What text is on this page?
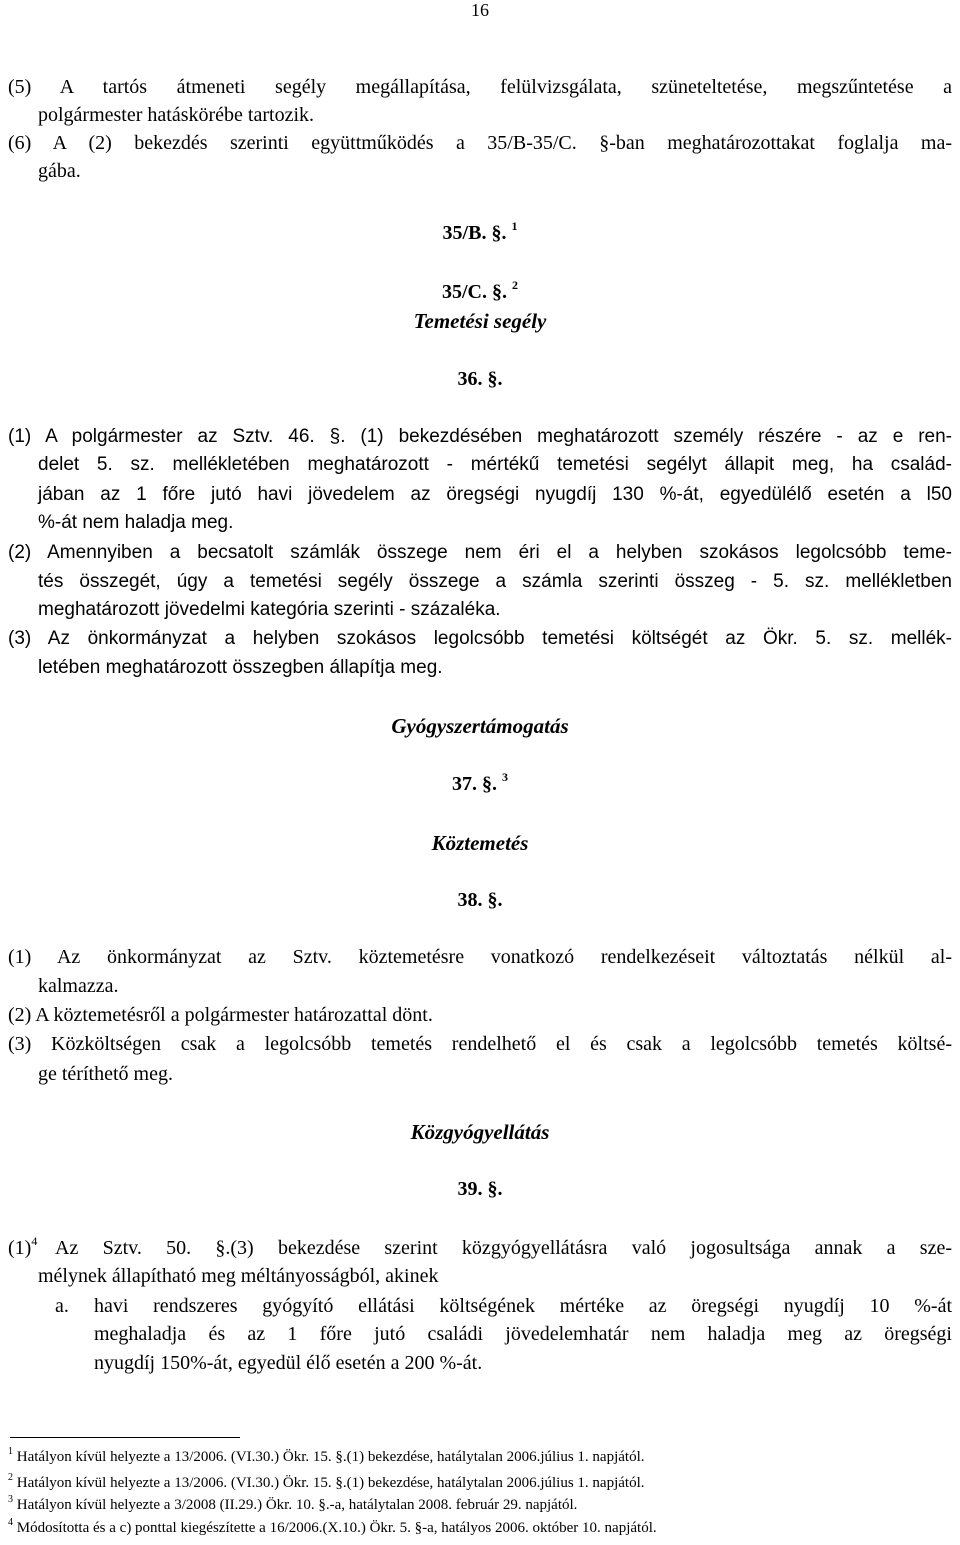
16
(5) A tartós átmeneti segély megállapítása, felülvizsgálata, szüneteltetése, megszűntetése a
polgármester hatáskörébe tartozik.
(6) A (2) bekezdés szerinti együttműködés a 35/B-35/C. §-ban meghatározottakat foglalja ma-
gába.
35/B. §. $^1$
35/C. §. $^2$
Temetési segély
36. §.
(1) A polgármester az Sztv. 46. §. (1) bekezdésében meghatározott személy részére - az e ren-
delet 5. sz. mellékletében meghatározott - mértékű temetési segélyt állapit meg, ha család-
jában az 1 főre jutó havi jövedelem az öregségi nyugdíj 130 %-át, egyedülélő esetén a l50
%-át nem haladja meg.
(2) Amennyiben a becsatolt számlák összege nem éri el a helyben szokásos legolcsóbb teme-
tés összegét, úgy a temetési segély összege a számla szerinti összeg - 5. sz. mellékletben
meghatározott jövedelmi kategória szerinti - százaléka.
(3) Az önkormányzat a helyben szokásos legolcsóbb temetési költségét az Ökr. 5. sz. mellék-
letében meghatározott összegben állapítja meg.
Gyógyszertámogatás
37. §. $^3$
Köztemetés
38. §.
(1) Az önkormányzat az Sztv. köztemetésre vonatkozó rendelkezéseit változtatás nélkül al-
kalmazza.
(2) A köztemetésről a polgármester határozattal dönt.
(3) Közköltségen csak a legolcsóbb temetés rendelhető el és csak a legolcsóbb temetés költsé-
ge téríthető meg.
Közgyógyellátás
39. §.
$(1)^4$ Az Sztv. 50. §.(3) bekezdése szerint közgyógyellátásra való jogosultsága annak a sze-
mélynek állapítható meg méltányosságból, akinek
a. havi rendszeres gyógyító ellátási költségének mértéke az öregségi nyugdíj 10 %-át
meghaladja és az 1 főre jutó családi jövedelemhatár nem haladja meg az öregségi
nyugdíj 150%-át, egyedül élő esetén a 200 %-át.
$^1$ Hatályon kívül helyezte a 13/2006. (VI.30.) Ökr. 15. §.(1) bekezdése, hatálytalan 2006.július 1. napjától.
$^2$ Hatályon kívül helyezte a 13/2006. (VI.30.) Ökr. 15. §.(1) bekezdése, hatálytalan 2006.július 1. napjától.
$^3$ Hatályon kívül helyezte a 3/2008 (II.29.) Ökr. 10. §.-a, hatálytalan 2008. február 29. napjától.
$^4$ Módosította és a c) ponttal kiegészítette a 16/2006.(X.10.) Ökr. 5. §-a, hatályos 2006. október 10. napjától.
